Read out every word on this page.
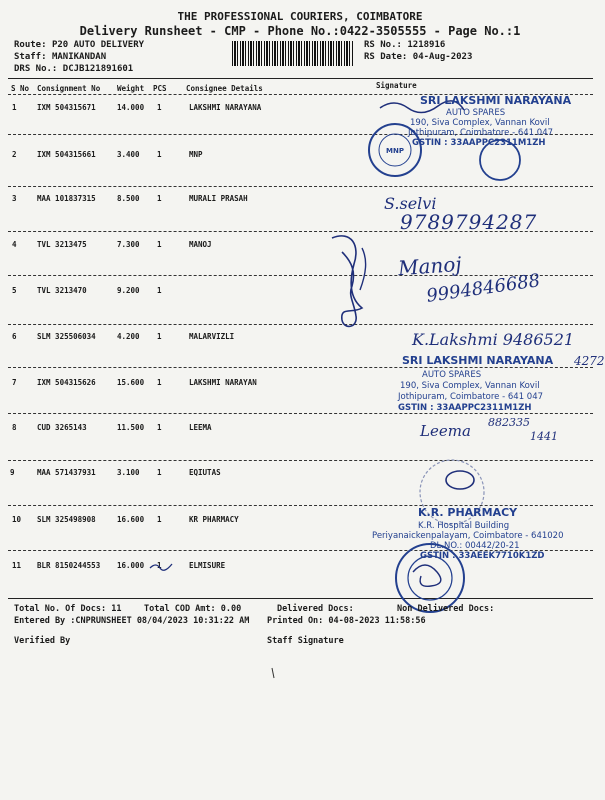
THE PROFESSIONAL COURIERS, COIMBATORE
Delivery Runsheet - CMP - Phone No.:0422-3505555 - Page No.:1
Route: P20 AUTO DELIVERY
Staff: MANIKANDAN
DRS No.: DCJB121891601
RS No.: 1218916
RS Date: 04-Aug-2023
S No Consignment No Weight PCS	Consignee Details	Signature
1	IXM 504315671	14.000 1	LAKSHMI NARAYANA
2	IXM 504315661	3.400 1	MNP
3	MAA 101837315	8.500 1	MURALI PRASAH
4	TVL 3213475	7.300 1	MANOJ
5	TVL 3213470	9.200 1
6	SLM 325506034	4.200 1	MALARVIZLI
7	IXM 504315626	15.600 1	LAKSHMI NARAYAN
8	CUD 3265143	11.500 1	LEEMA
9	MAA 571437931	3.100 1	EQIUTAS
10 SLM 325498908	16.600 1	KR PHARMACY
11 BLR 8150244553 16.000 1	ELMISURE
SRI LAKSHMI NARAYANA
AUTO SPARES
190, Siva Complex, Vannan Kovil
Jothipuram, Coimbatore - 641 047
GSTIN : 33AAPPC2311M1ZH
MNP
S.selvi
9789794287
Manoj
9994846688
K.Lakshmi 9486521
4272
SRI LAKSHMI NARAYANA
AUTO SPARES
190, Siva Complex, Vannan Kovil
Jothipuram, Coimbatore - 641 047
GSTIN : 33AAPPC2311M1ZH
Leema 882335
1441
K.R. PHARMACY
K.R. Hospital Building
Periyanaickenpalayam, Coimbatore - 641020
DL.NO.: 00442/20-21
GSTIN : 33AEEK7710K1ZD
Total No. Of Docs: 11	Total COD Amt: 0.00	Delivered Docs:	Non Delivered Docs:
Entered By :CNPRUNSHEET 08/04/2023 10:31:22 AM Printed On: 04-08-2023 11:58:56
Verified By	Staff Signature
